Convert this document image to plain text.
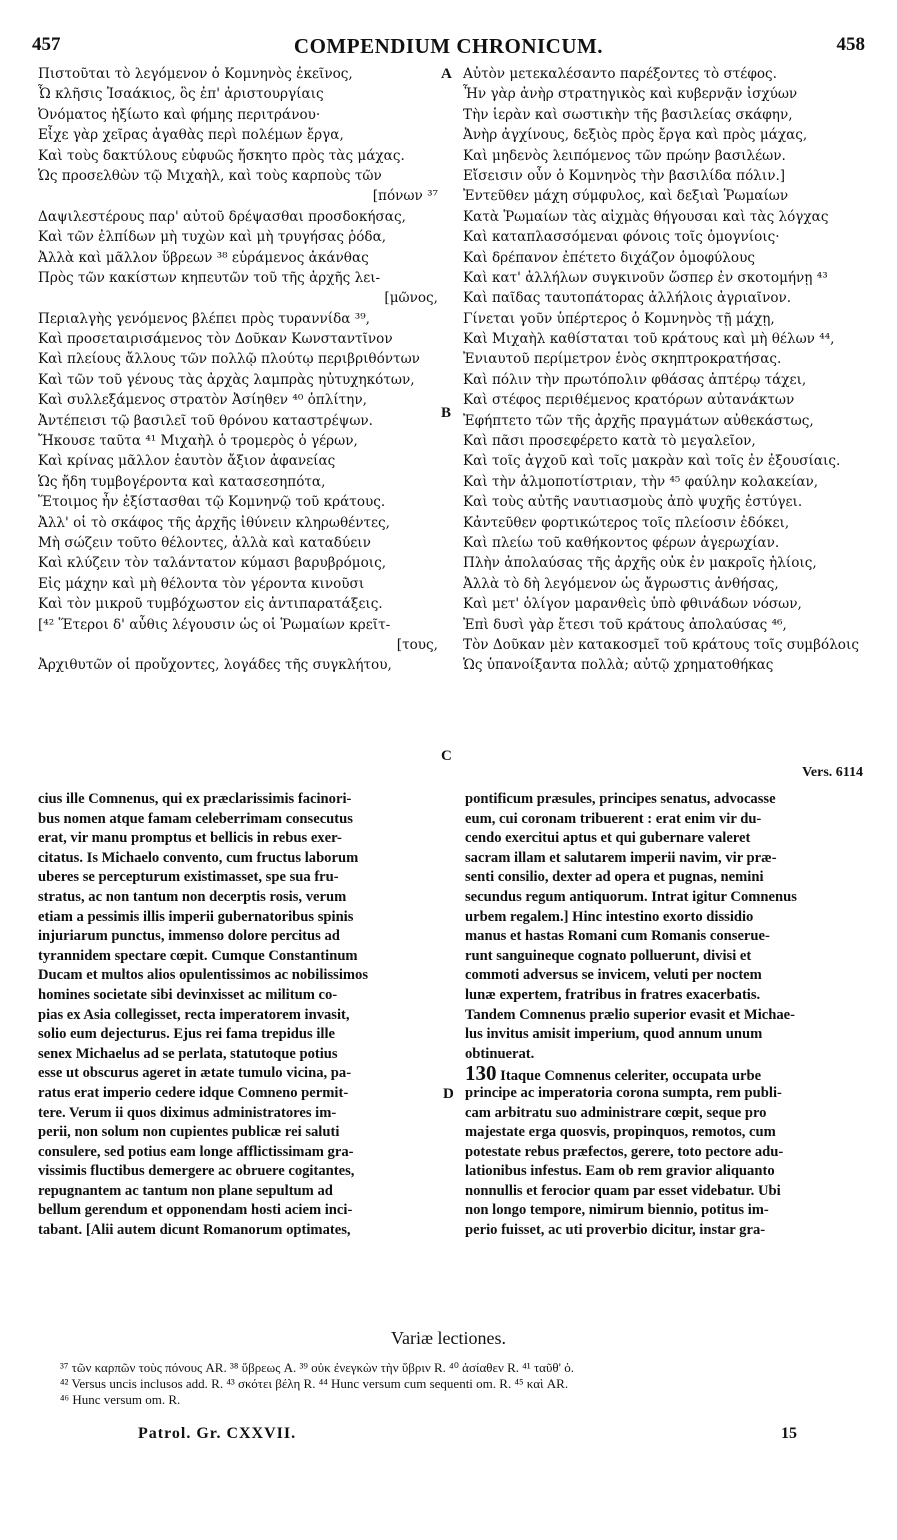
457	COMPENDIUM CHRONICUM.	458
Πιστοῦται τὸ λεγόμενον ὁ Κομνηνὸς ἐκεῖνος,
Ὦ κλῆσις Ἰσαάκιος, ὃς ἐπ' ἀριστουργίαις
Ὀνόματος ἠξίωτο καὶ φήμης περιτράνου·
Εἶχε γὰρ χεῖρας ἀγαθὰς περὶ πολέμων ἔργα,
Καὶ τοὺς δακτύλους εὐφυῶς ἤσκητο πρὸς τὰς μάχας.
Ὡς προσελθὼν τῷ Μιχαὴλ, καὶ τοὺς καρποὺς τῶν
[πόνων ³⁷
Δαψιλεστέρους παρ' αὐτοῦ δρέψασθαι προσδοκήσας,
Καὶ τῶν ἐλπίδων μὴ τυχὼν καὶ μὴ τρυγήσας ῥόδα,
Ἀλλὰ καὶ μᾶλλον ὕβρεων ³⁸ εὑράμενος ἀκάνθας
Πρὸς τῶν κακίστων κηπευτῶν τοῦ τῆς ἀρχῆς λει-
[μῶνος,
Περιαλγὴς γενόμενος βλέπει πρὸς τυραννίδα ³⁹,
Καὶ προσεταιρισάμενος τὸν Δοῦκαν Κωνσταντῖνον
Καὶ πλείους ἄλλους τῶν πολλῷ πλούτῳ περιβριθόντων
Καὶ τῶν τοῦ γένους τὰς ἀρχὰς λαμπρὰς ηὐτυχηκότων,
Καὶ συλλεξάμενος στρατὸν Ἀσίηθεν ⁴⁰ ὁπλίτην,
Ἀντέπεισι τῷ βασιλεῖ τοῦ θρόνου καταστρέψων.
Ἤκουσε ταῦτα ⁴¹ Μιχαὴλ ὁ τρομερὸς ὁ γέρων,
Καὶ κρίνας μᾶλλον ἑαυτὸν ἄξιον ἀφανείας
Ὡς ἤδη τυμβογέροντα καὶ κατασεσηπότα,
Ἕτοιμος ἦν ἐξίστασθαι τῷ Κομνηνῷ τοῦ κράτους.
Ἀλλ' οἱ τὸ σκάφος τῆς ἀρχῆς ἰθύνειν κληρωθέντες,
Μὴ σώζειν τοῦτο θέλοντες, ἀλλὰ καὶ καταδύειν
Καὶ κλύζειν τὸν ταλάντατον κύμασι βαρυβρόμοις,
Εἰς μάχην καὶ μὴ θέλοντα τὸν γέροντα κινοῦσι
Καὶ τὸν μικροῦ τυμβόχωστον εἰς ἀντιπαρατάξεις.
[⁴² Ἕτεροι δ' αὖθις λέγουσιν ὡς οἱ Ῥωμαίων κρεῖτ-
[τους,
Ἀρχιθυτῶν οἱ προὔχοντες, λογάδες τῆς συγκλήτου,
Αὐτὸν μετεκαλέσαντο παρέξοντες τὸ στέφος.
Ἦν γὰρ ἀνὴρ στρατηγικὸς καὶ κυβερνᾷν ἰσχύων
Τὴν ἱερὰν καὶ σωστικὴν τῆς βασιλείας σκάφην,
Ἀνὴρ ἀγχίνους, δεξιὸς πρὸς ἔργα καὶ πρὸς μάχας,
Καὶ μηδενὸς λειπόμενος τῶν πρώην βασιλέων.
Εἴσεισιν οὖν ὁ Κομνηνὸς τὴν βασιλίδα πόλιν.]
Ἐντεῦθεν μάχη σύμφυλος, καὶ δεξιαὶ Ῥωμαίων
Κατὰ Ῥωμαίων τὰς αἰχμὰς θήγουσαι καὶ τὰς λόγχας
Καὶ καταπλασσόμεναι φόνοις τοῖς ὁμογνίοις·
Καὶ δρέπανον ἐπέτετο διχάζον ὁμοφύλους
Καὶ κατ' ἀλλήλων συγκινοῦν ὥσπερ ἐν σκοτομήνῃ ⁴³
Καὶ παῖδας ταυτοπάτορας ἀλλήλοις ἀγριαῖνον.
Γίνεται γοῦν ὑπέρτερος ὁ Κομνηνὸς τῇ μάχῃ,
Καὶ Μιχαὴλ καθίσταται τοῦ κράτους καὶ μὴ θέλων ⁴⁴,
Ἐνιαυτοῦ περίμετρον ἑνὸς σκηπτροκρατήσας.
Καὶ πόλιν τὴν πρωτόπολιν φθάσας ἀπτέρῳ τάχει,
Καὶ στέφος περιθέμενος κρατόρων αὐτανάκτων
Ἐφήπτετο τῶν τῆς ἀρχῆς πραγμάτων αὐθεκάστως,
Καὶ πᾶσι προσεφέρετο κατὰ τὸ μεγαλεῖον,
Καὶ τοῖς ἀγχοῦ καὶ τοῖς μακρὰν καὶ τοῖς ἐν ἐξουσίαις.
Καὶ τὴν ἁλμοποτίστριαν, τὴν ⁴⁵ φαύλην κολακείαν,
Καὶ τοὺς αὐτῆς ναυτιασμοὺς ἀπὸ ψυχῆς ἐστύγει.
Κἀντεῦθεν φορτικώτερος τοῖς πλείοσιν ἐδόκει,
Καὶ πλείω τοῦ καθήκοντος φέρων ἀγερωχίαν.
Πλὴν ἀπολαύσας τῆς ἀρχῆς οὐκ ἐν μακροῖς ἡλίοις,
Ἀλλὰ τὸ δὴ λεγόμενον ὡς ἄγρωστις ἀνθήσας,
Καὶ μετ' ὀλίγον μαρανθεὶς ὑπὸ φθινάδων νόσων,
Ἐπὶ δυσὶ γὰρ ἔτεσι τοῦ κράτους ἀπολαύσας ⁴⁶,
Τὸν Δοῦκαν μὲν κατακοσμεῖ τοῦ κράτους τοῖς συμβόλοις
Ὡς ὑπανοίξαντα πολλὰ; αὐτῷ χρηματοθήκας
A
B
C
D
Vers. 6114
cius ille Comnenus, qui ex præclarissimis facinori-
bus nomen atque famam celeberrimam consecutus
erat, vir manu promptus et bellicis in rebus exer-
citatus. Is Michaelo convento, cum fructus laborum
uberes se percepturum existimasset, spe sua fru-
stratus, ac non tantum non decerptis rosis, verum
etiam a pessimis illis imperii gubernatoribus spinis
injuriarum punctus, immenso dolore percitus ad
tyrannidem spectare cœpit. Cumque Constantinum
Ducam et multos alios opulentissimos ac nobilissimos
homines societate sibi devinxisset ac militum co-
pias ex Asia collegisset, recta imperatorem invasit,
solio eum dejecturus. Ejus rei fama trepidus ille
senex Michaelus ad se perlata, statutoque potius
esse ut obscurus ageret in ætate tumulo vicina, pa-
ratus erat imperio cedere idque Comneno permit-
tere. Verum ii quos diximus administratores im-
perii, non solum non cupientes publicæ rei saluti
consulere, sed potius eam longe afflictissimam gra-
vissimis fluctibus demergere ac obruere cogitantes,
repugnantem ac tantum non plane sepultum ad
bellum gerendum et opponendam hosti aciem inci-
tabant. [Alii autem dicunt Romanorum optimates,
pontificum præsules, principes senatus, advocasse
eum, cui coronam tribuerent : erat enim vir du-
cendo exercitui aptus et qui gubernare valeret
sacram illam et salutarem imperii navim, vir præ-
senti consilio, dexter ad opera et pugnas, nemini
secundus regum antiquorum. Intrat igitur Comnenus
urbem regalem.] Hinc intestino exorto dissidio
manus et hastas Romani cum Romanis conserue-
runt sanguineque cognato polluerunt, divisi et
commoti adversus se invicem, veluti per noctem
lunæ expertem, fratribus in fratres exacerbatis.
Tandem Comnenus prælio superior evasit et Michae-
lus invitus amisit imperium, quod annum unum
obtinuerat.
130 Itaque Comnenus celeriter, occupata urbe
principe ac imperatoria corona sumpta, rem publi-
cam arbitratu suo administrare cœpit, seque pro
majestate erga quosvis, propinquos, remotos, cum
potestate rebus præfectos, gerere, toto pectore adu-
lationibus infestus. Eam ob rem gravior aliquanto
nonnullis et ferocior quam par esset videbatur. Ubi
non longo tempore, nimirum biennio, potitus im-
perio fuisset, ac uti proverbio dicitur, instar gra-
Variæ lectiones.
³⁷ τῶν καρπῶν τοὺς πόνους AR. ³⁸ ὕβρεως A. ³⁹ οὐκ ἐνεγκὼν τὴν ὕβριν R. ⁴⁰ ἀσίαθεν R. ⁴¹ ταῦθ' ὁ.
⁴² Versus uncis inclusos add. R. ⁴³ σκότει βέλη R. ⁴⁴ Hunc versum cum sequenti om. R. ⁴⁵ καὶ AR.
⁴⁶ Hunc versum om. R.
Patrol. Gr. CXXVII.	15
